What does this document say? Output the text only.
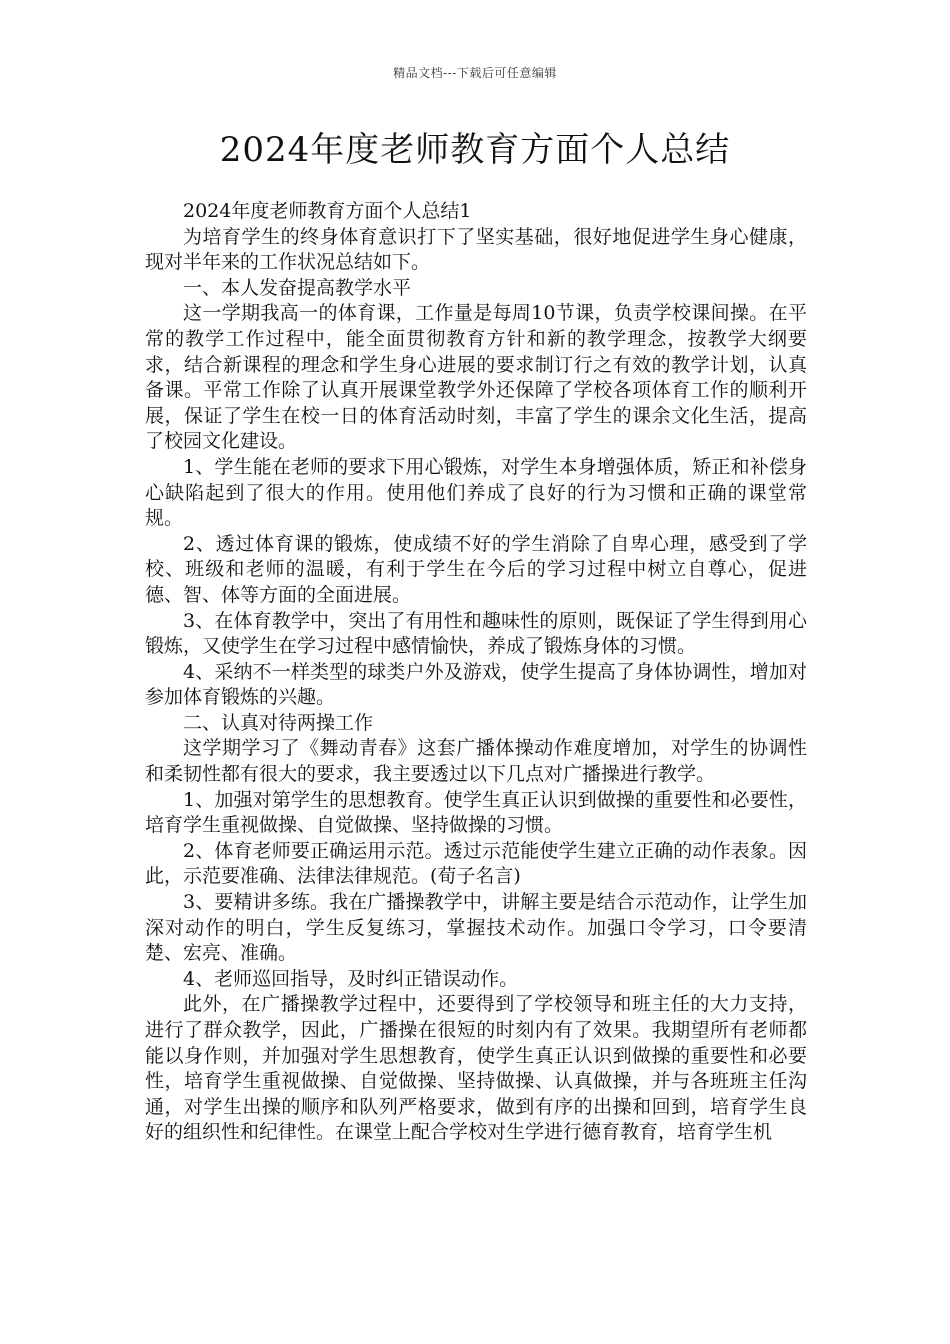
精品文档---下载后可任意编辑
2024年度老师教育方面个人总结

2024年度老师教育方面个人总结1

为培育学生的终身体育意识打下了坚实基础，很好地促进学生身心健康，现对半年来的工作状况总结如下。

一、本人发奋提高教学水平

这一学期我高一的体育课，工作量是每周10节课，负责学校课间操。在平常的教学工作过程中，能全面贯彻教育方针和新的教学理念，按教学大纲要求，结合新课程的理念和学生身心进展的要求制订行之有效的教学计划，认真备课。平常工作除了认真开展课堂教学外还保障了学校各项体育工作的顺利开展，保证了学生在校一日的体育活动时刻，丰富了学生的课余文化生活，提高了校园文化建设。

1、学生能在老师的要求下用心锻炼，对学生本身增强体质，矫正和补偿身心缺陷起到了很大的作用。使用他们养成了良好的行为习惯和正确的课堂常规。

2、透过体育课的锻炼，使成绩不好的学生消除了自卑心理，感受到了学校、班级和老师的温暖，有利于学生在今后的学习过程中树立自尊心，促进德、智、体等方面的全面进展。

3、在体育教学中，突出了有用性和趣味性的原则，既保证了学生得到用心锻炼，又使学生在学习过程中感情愉快，养成了锻炼身体的习惯。

4、采纳不一样类型的球类户外及游戏，使学生提高了身体协调性，增加对参加体育锻炼的兴趣。

二、认真对待两操工作

这学期学习了《舞动青春》这套广播体操动作难度增加，对学生的协调性和柔韧性都有很大的要求，我主要透过以下几点对广播操进行教学。

1、加强对第学生的思想教育。使学生真正认识到做操的重要性和必要性，培育学生重视做操、自觉做操、坚持做操的习惯。

2、体育老师要正确运用示范。透过示范能使学生建立正确的动作表象。因此，示范要准确、法律法律规范。(荀子名言)

3、要精讲多练。我在广播操教学中，讲解主要是结合示范动作，让学生加深对动作的明白，学生反复练习，掌握技术动作。加强口令学习，口令要清楚、宏亮、准确。

4、老师巡回指导，及时纠正错误动作。

此外，在广播操教学过程中，还要得到了学校领导和班主任的大力支持，进行了群众教学，因此，广播操在很短的时刻内有了效果。我期望所有老师都能以身作则，并加强对学生思想教育，使学生真正认识到做操的重要性和必要性，培育学生重视做操、自觉做操、坚持做操、认真做操，并与各班班主任沟通，对学生出操的顺序和队列严格要求，做到有序的出操和回到，培育学生良好的组织性和纪律性。在课堂上配合学校对生学进行德育教育，培育学生机
